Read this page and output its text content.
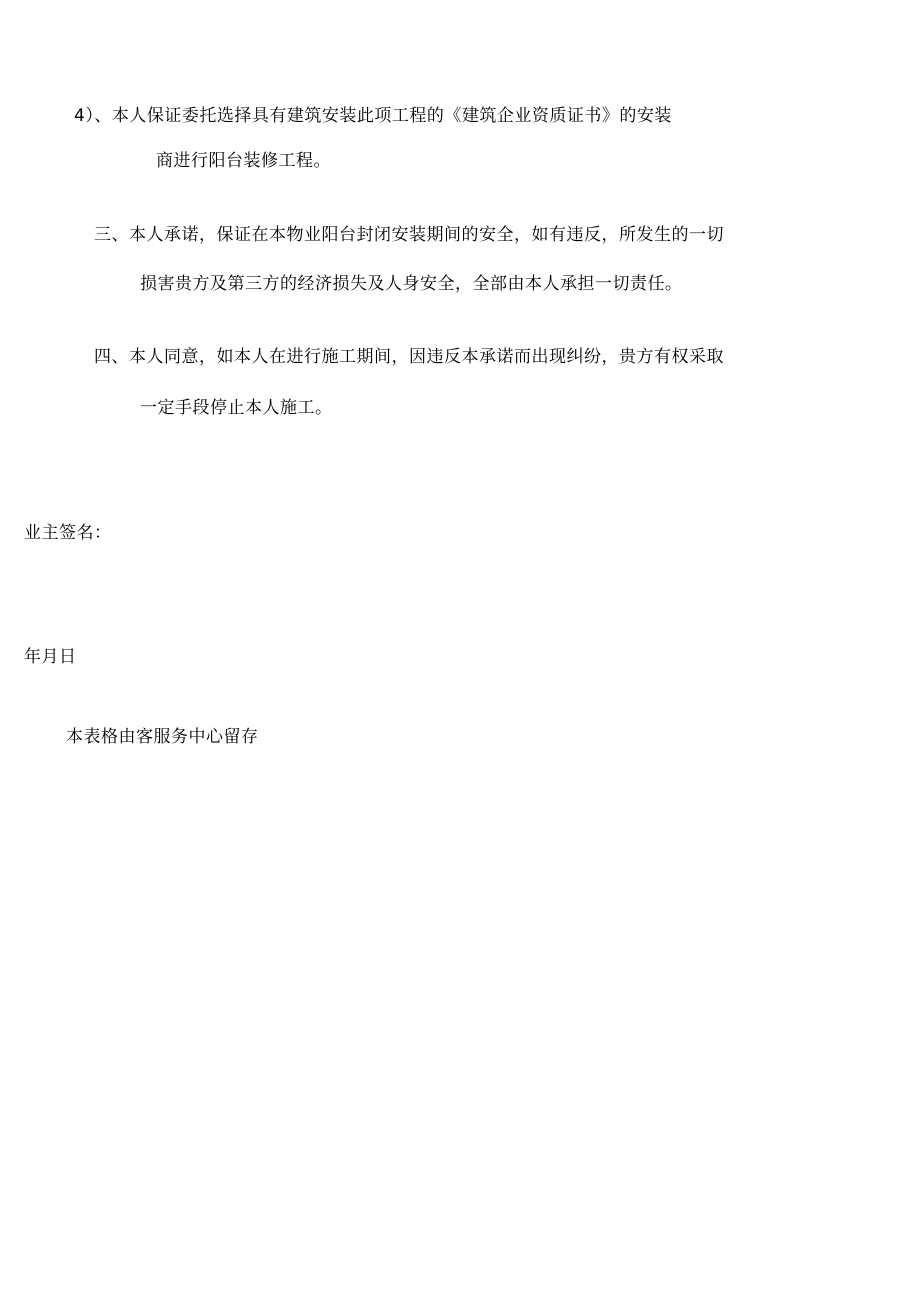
4）、本人保证委托选择具有建筑安装此项工程的《建筑企业资质证书》的安装
商进行阳台装修工程。
三、本人承诺，保证在本物业阳台封闭安装期间的安全，如有违反，所发生的一切
损害贵方及第三方的经济损失及人身安全，全部由本人承担一切责任。
四、本人同意，如本人在进行施工期间，因违反本承诺而出现纠纷，贵方有权采取
一定手段停止本人施工。
业主签名：
年月日
本表格由客服务中心留存
